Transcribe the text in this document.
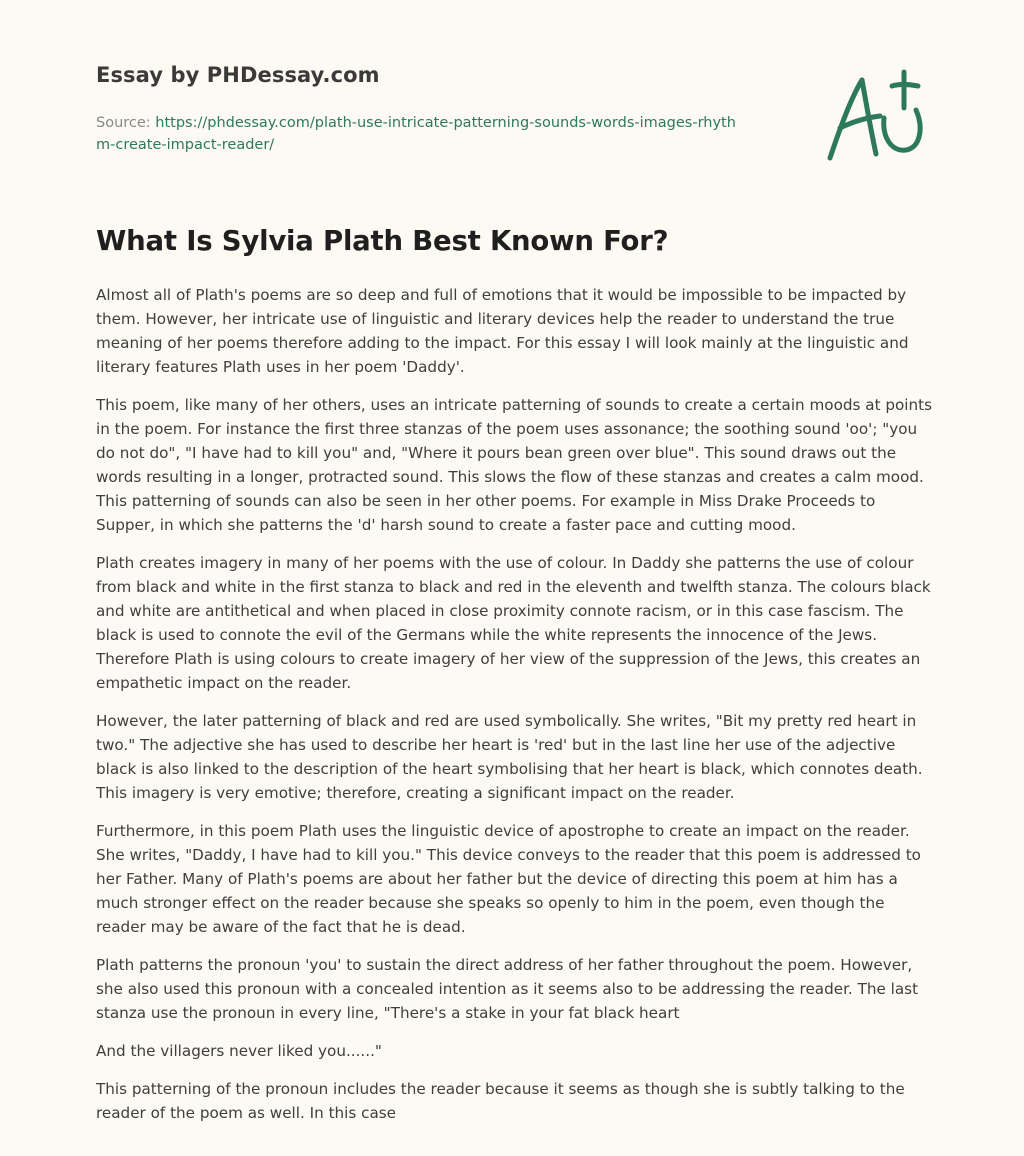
Essay by PHDessay.com
Source: https://phdessay.com/plath-use-intricate-patterning-sounds-words-images-rhythm-create-impact-reader/
What Is Sylvia Plath Best Known For?

Almost all of Plath's poems are so deep and full of emotions that it would be impossible to be impacted by them. However, her intricate use of linguistic and literary devices help the reader to understand the true meaning of her poems therefore adding to the impact. For this essay I will look mainly at the linguistic and literary features Plath uses in her poem 'Daddy'.

This poem, like many of her others, uses an intricate patterning of sounds to create a certain moods at points in the poem. For instance the first three stanzas of the poem uses assonance; the soothing sound 'oo'; "you do not do", "I have had to kill you" and, "Where it pours bean green over blue". This sound draws out the words resulting in a longer, protracted sound. This slows the flow of these stanzas and creates a calm mood. This patterning of sounds can also be seen in her other poems. For example in Miss Drake Proceeds to Supper, in which she patterns the 'd' harsh sound to create a faster pace and cutting mood.

Plath creates imagery in many of her poems with the use of colour. In Daddy she patterns the use of colour from black and white in the first stanza to black and red in the eleventh and twelfth stanza. The colours black and white are antithetical and when placed in close proximity connote racism, or in this case fascism. The black is used to connote the evil of the Germans while the white represents the innocence of the Jews. Therefore Plath is using colours to create imagery of her view of the suppression of the Jews, this creates an empathetic impact on the reader.

However, the later patterning of black and red are used symbolically. She writes, "Bit my pretty red heart in two." The adjective she has used to describe her heart is 'red' but in the last line her use of the adjective black is also linked to the description of the heart symbolising that her heart is black, which connotes death. This imagery is very emotive; therefore, creating a significant impact on the reader.

Furthermore, in this poem Plath uses the linguistic device of apostrophe to create an impact on the reader. She writes, "Daddy, I have had to kill you." This device conveys to the reader that this poem is addressed to her Father. Many of Plath's poems are about her father but the device of directing this poem at him has a much stronger effect on the reader because she speaks so openly to him in the poem, even though the reader may be aware of the fact that he is dead.

Plath patterns the pronoun 'you' to sustain the direct address of her father throughout the poem. However, she also used this pronoun with a concealed intention as it seems also to be addressing the reader. The last stanza use the pronoun in every line, "There's a stake in your fat black heart

And the villagers never liked you......"

This patterning of the pronoun includes the reader because it seems as though she is subtly talking to the reader of the poem as well. In this case
